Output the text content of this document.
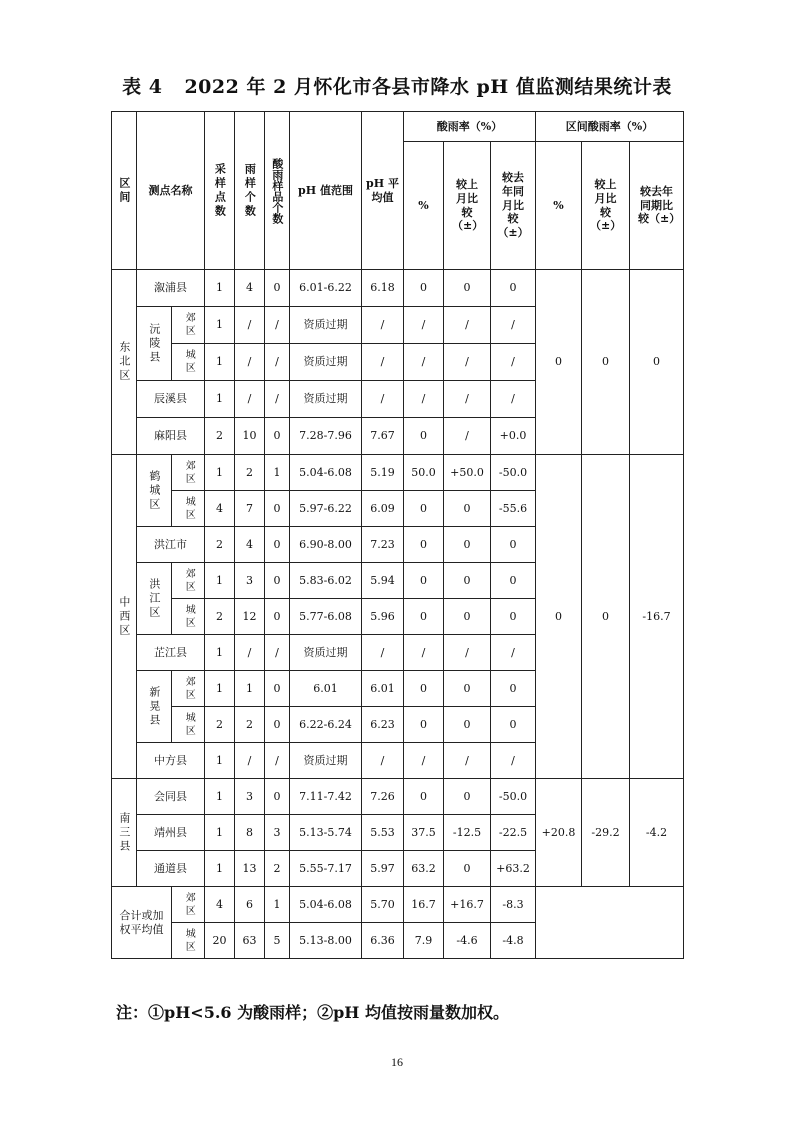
表 4 2022 年 2 月怀化市各县市降水 pH 值监测结果统计表
区间	测点名称		采样点数	雨样个数	酸雨样品个数	pH 值范围	pH 平均值	酸雨率（%）			区间酸雨率（%）		
								%	较上月比较（±）	较去年同月比较（±）	%	较上月比较（±）	较去年同期比较（±）

东北区	溆浦县		1	4	0	6.01-6.22	6.18	0	0	0	0	0	0

	沅陵县	郊区	1	/	/	资质过期	/	/	/	/			

		城区	1	/	/	资质过期	/	/	/	/			
	辰溪县		1	/	/	资质过期	/	/	/	/			
	麻阳县		2	10	0	7.28-7.96	7.67	0	/	+0.0			

中西区	鹤城区	郊区	1	2	1	5.04-6.08	5.19	50.0	+50.0	-50.0	0	0	-16.7

		城区	4	7	0	5.97-6.22	6.09	0	0	-55.6			
	洪江市		2	4	0	6.90-8.00	7.23	0	0	0			

	洪江区	郊区	1	3	0	5.83-6.02	5.94	0	0	0			

		城区	2	12	0	5.77-6.08	5.96	0	0	0			
	芷江县		1	/	/	资质过期	/	/	/	/			

	新晃县	郊区	1	1	0	6.01	6.01	0	0	0			

		城区	2	2	0	6.22-6.24	6.23	0	0	0			
	中方县		1	/	/	资质过期	/	/	/	/			

南三县	会同县		1	3	0	7.11-7.42	7.26	0	0	-50.0	+20.8	-29.2	-4.2
	靖州县		1	8	3	5.13-5.74	5.53	37.5	-12.5	-22.5			
	通道县		1	13	2	5.55-7.17	5.97	63.2	0	+63.2			
合计或加权平均值		郊区	4	6	1	5.04-6.08	5.70	16.7	+16.7	-8.3			

		城区	20	63	5	5.13-8.00	6.36	7.9	-4.6	-4.8			
注：①pH<5.6 为酸雨样；②pH 均值按雨量数加权。
16
